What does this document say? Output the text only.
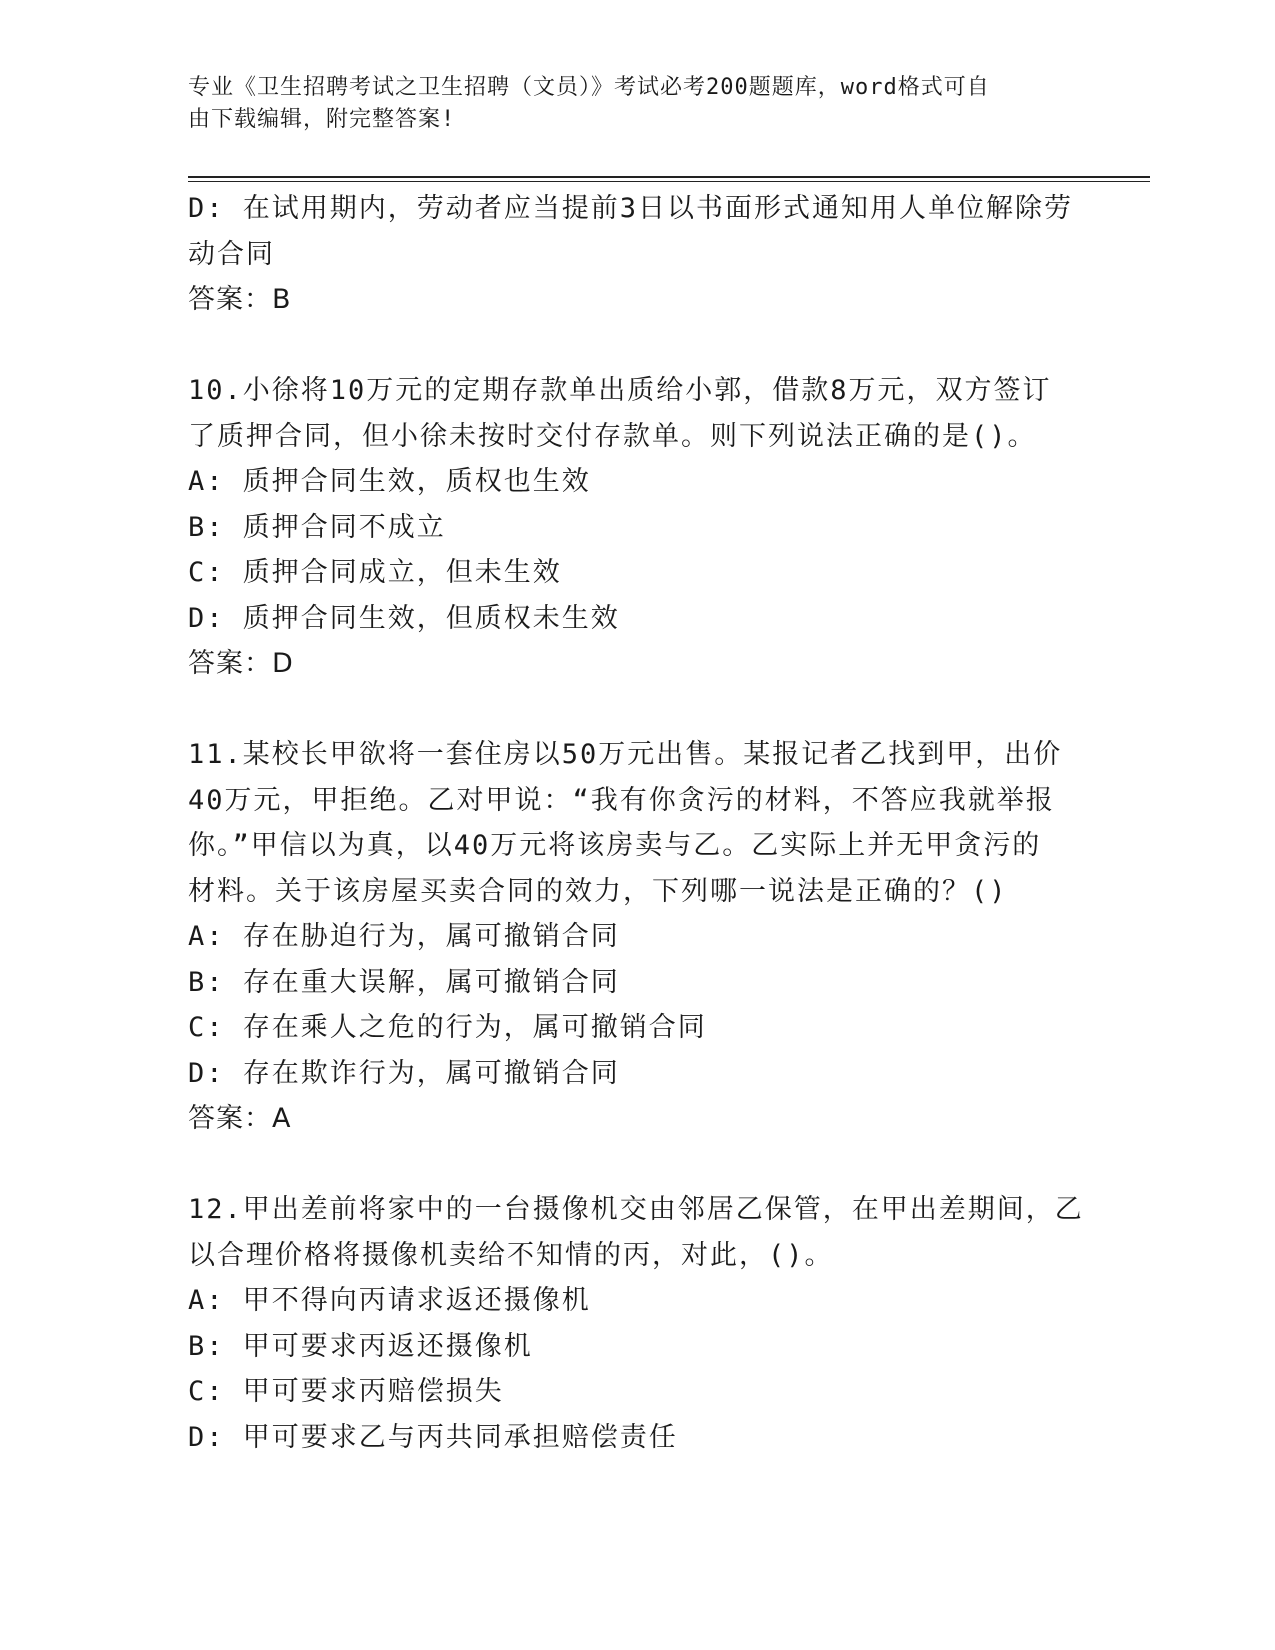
专业《卫生招聘考试之卫生招聘（文员）》考试必考200题题库，word格式可自
由下载编辑，附完整答案!
D: 在试用期内，劳动者应当提前3日以书面形式通知用人单位解除劳
动合同
答案：B
10.小徐将10万元的定期存款单出质给小郭，借款8万元，双方签订
了质押合同，但小徐未按时交付存款单。则下列说法正确的是()。
A: 质押合同生效，质权也生效
B: 质押合同不成立
C: 质押合同成立，但未生效
D: 质押合同生效，但质权未生效
答案：D
11.某校长甲欲将一套住房以50万元出售。某报记者乙找到甲，出价
40万元，甲拒绝。乙对甲说：“我有你贪污的材料，不答应我就举报
你。”甲信以为真，以40万元将该房卖与乙。乙实际上并无甲贪污的
材料。关于该房屋买卖合同的效力，下列哪一说法是正确的？()
A: 存在胁迫行为，属可撤销合同
B: 存在重大误解，属可撤销合同
C: 存在乘人之危的行为，属可撤销合同
D: 存在欺诈行为，属可撤销合同
答案：A
12.甲出差前将家中的一台摄像机交由邻居乙保管，在甲出差期间，乙
以合理价格将摄像机卖给不知情的丙，对此，()。
A: 甲不得向丙请求返还摄像机
B: 甲可要求丙返还摄像机
C: 甲可要求丙赔偿损失
D: 甲可要求乙与丙共同承担赔偿责任
